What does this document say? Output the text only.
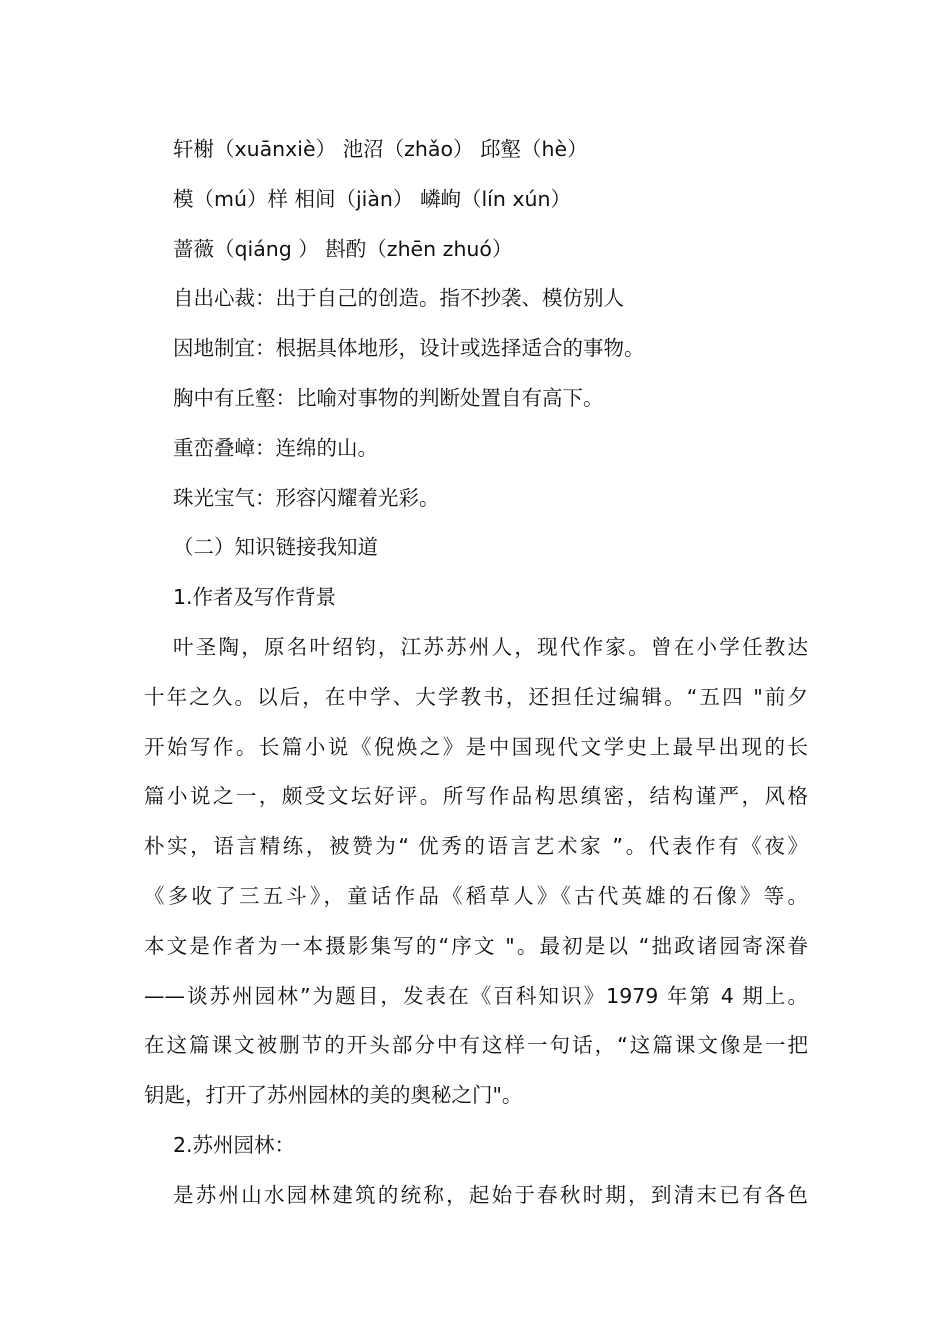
轩榭（xuānxiè） 池沼（zhǎo） 邱壑（hè）
模（mú）样 相间（jiàn） 嶙峋（lín xún）
蔷薇（qiáng ） 斟酌（zhēn zhuó）
自出心裁：出于自己的创造。指不抄袭、模仿别人
因地制宜：根据具体地形，设计或选择适合的事物。
胸中有丘壑：比喻对事物的判断处置自有高下。
重峦叠嶂：连绵的山。
珠光宝气：形容闪耀着光彩。
（二）知识链接我知道
1.作者及写作背景
叶圣陶，原名叶绍钧，江苏苏州人，现代作家。曾在小学任教达
十年之久。以后，在中学、大学教书，还担任过编辑。“五四 "前夕
开始写作。长篇小说《倪焕之》是中国现代文学史上最早出现的长
篇小说之一，颇受文坛好评。所写作品构思缜密，结构谨严，风格
朴实，语言精练，被赞为“ 优秀的语言艺术家 ”。代表作有《夜》
《多收了三五斗》，童话作品《稻草人》《古代英雄的石像》等。
本文是作者为一本摄影集写的“序文 "。最初是以 “拙政诸园寄深眷
——谈苏州园林”为题目，发表在《百科知识》1979 年第 4 期上。
在这篇课文被删节的开头部分中有这样一句话，“这篇课文像是一把
钥匙，打开了苏州园林的美的奥秘之门"。
2.苏州园林：
是苏州山水园林建筑的统称，起始于春秋时期，到清末已有各色
